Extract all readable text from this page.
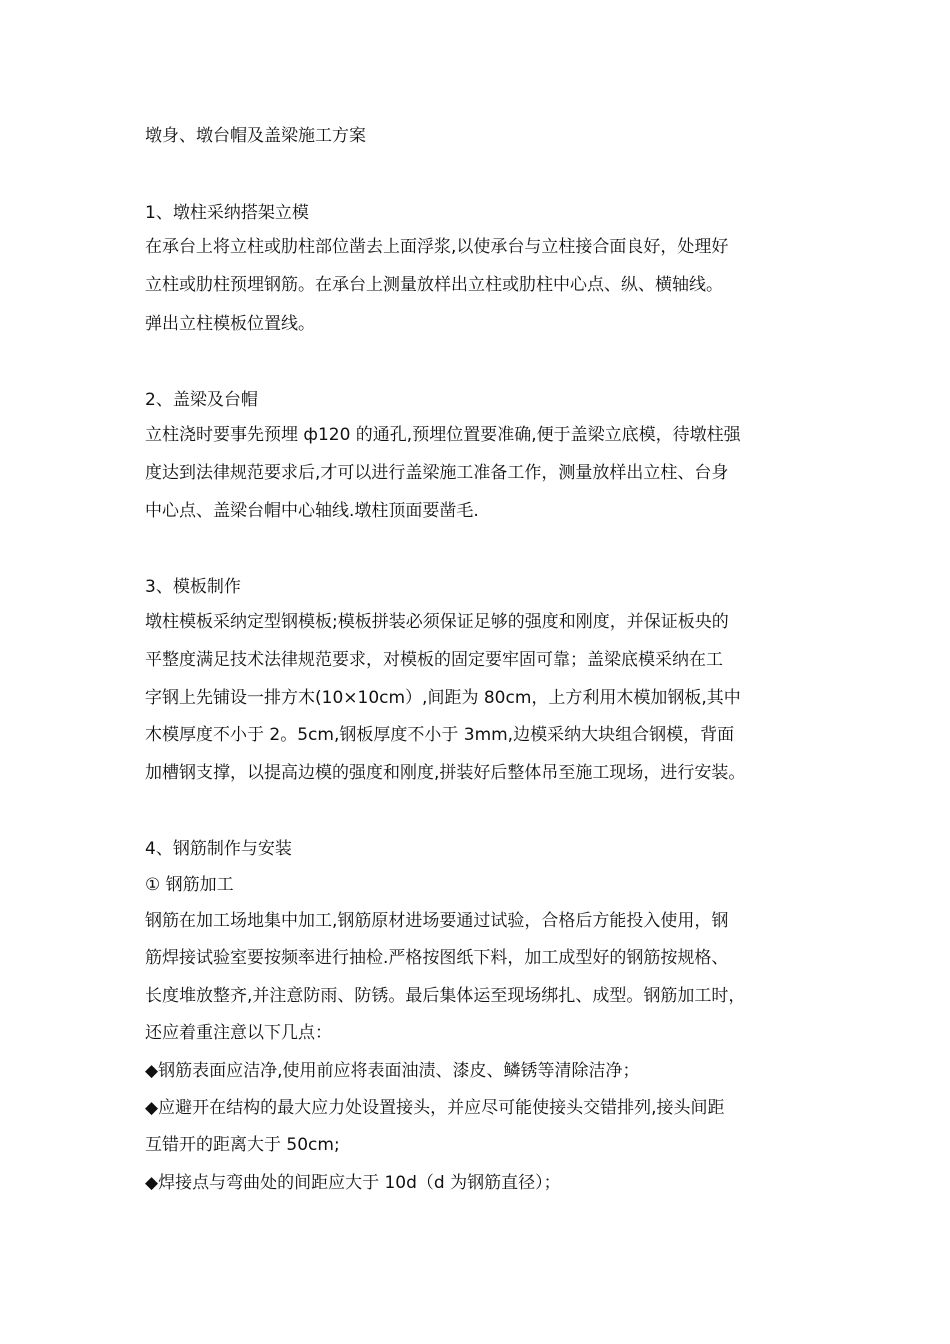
墩身、墩台帽及盖梁施工方案
1、墩柱采纳搭架立模
在承台上将立柱或肋柱部位凿去上面浮浆,以使承台与立柱接合面良好，处理好
立柱或肋柱预埋钢筋。在承台上测量放样出立柱或肋柱中心点、纵、横轴线。
弹出立柱模板位置线。
2、盖梁及台帽
立柱浇时要事先预埋 ф120 的通孔,预埋位置要准确,便于盖梁立底模，待墩柱强
度达到法律规范要求后,才可以进行盖梁施工准备工作，测量放样出立柱、台身
中心点、盖梁台帽中心轴线.墩柱顶面要凿毛.
3、模板制作
墩柱模板采纳定型钢模板;模板拼装必须保证足够的强度和刚度，并保证板央的
平整度满足技术法律规范要求，对模板的固定要牢固可靠；盖梁底模采纳在工
字钢上先铺设一排方木(10×10cm）,间距为 80cm，上方利用木模加钢板,其中
木模厚度不小于 2。5cm,钢板厚度不小于 3mm,边模采纳大块组合钢模，背面
加槽钢支撑，以提高边模的强度和刚度,拼装好后整体吊至施工现场，进行安装。
4、钢筋制作与安装
① 钢筋加工
钢筋在加工场地集中加工,钢筋原材进场要通过试验，合格后方能投入使用，钢
筋焊接试验室要按频率进行抽检.严格按图纸下料，加工成型好的钢筋按规格、
长度堆放整齐,并注意防雨、防锈。最后集体运至现场绑扎、成型。钢筋加工时，
还应着重注意以下几点：
◆钢筋表面应洁净,使用前应将表面油渍、漆皮、鳞锈等清除洁净；
◆应避开在结构的最大应力处设置接头，并应尽可能使接头交错排列,接头间距
互错开的距离大于 50cm;
◆焊接点与弯曲处的间距应大于 10d（d 为钢筋直径）；
